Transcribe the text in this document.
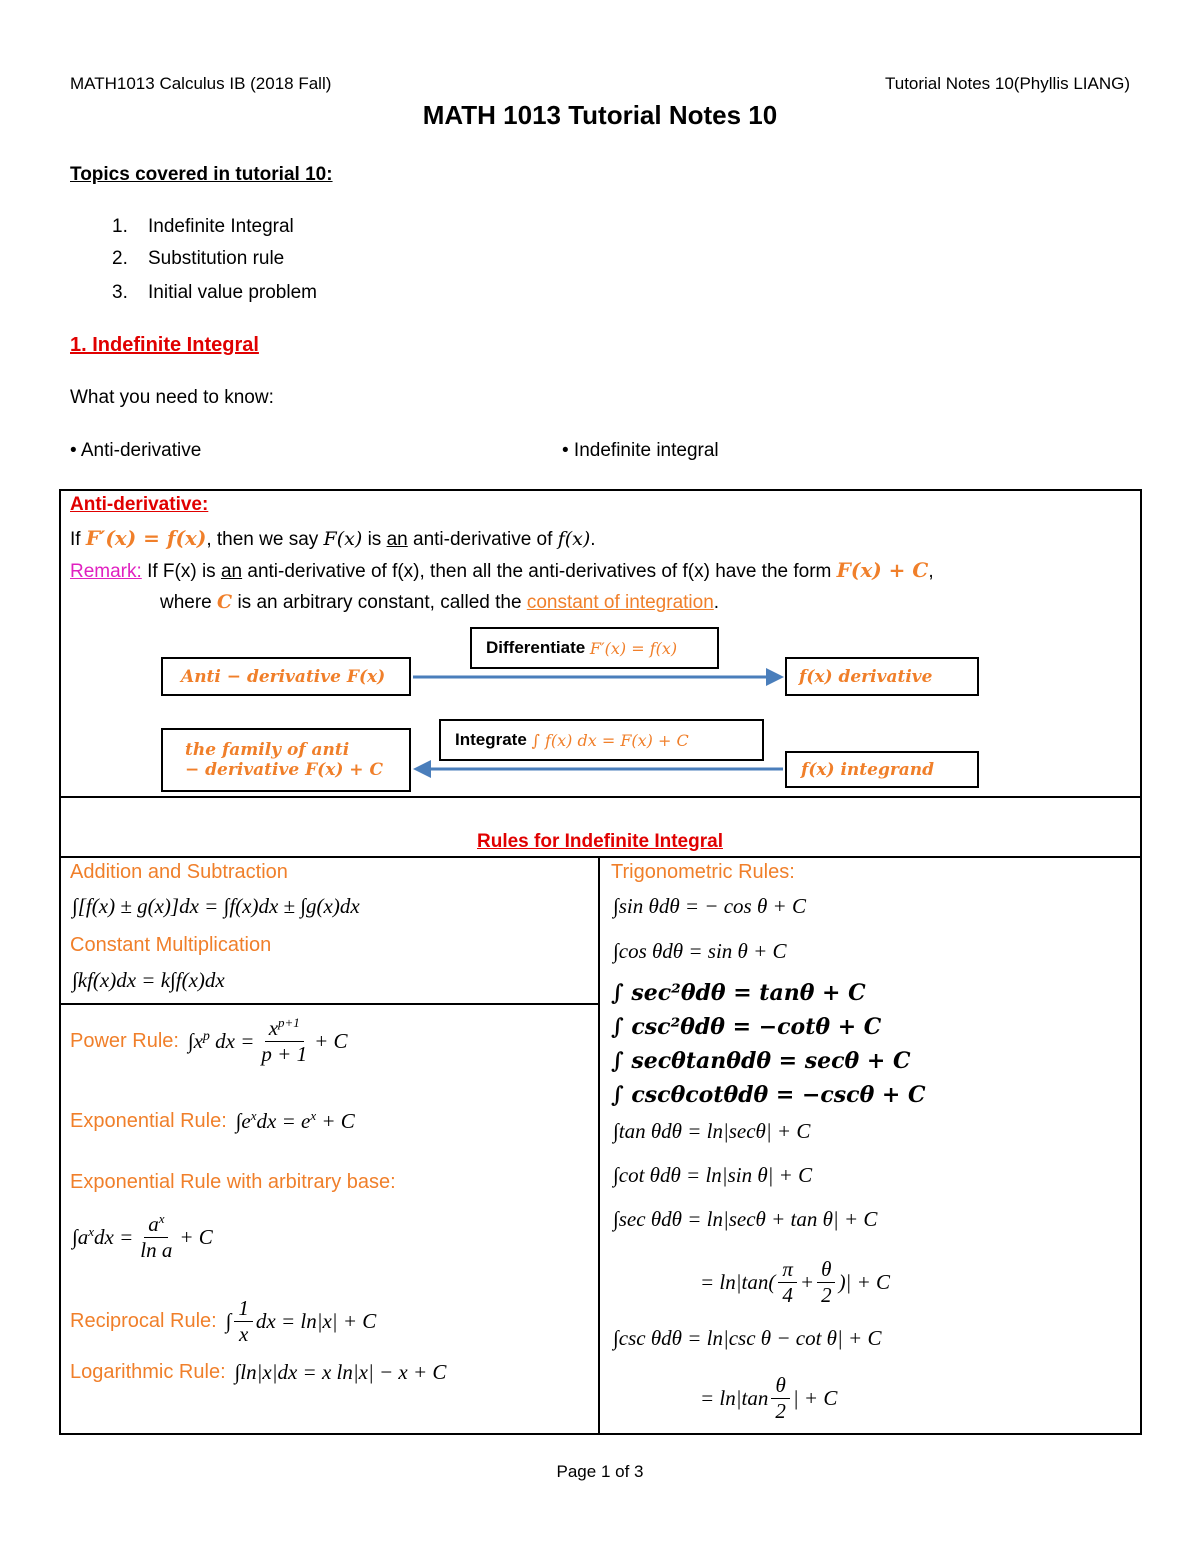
MATH1013 Calculus IB (2018 Fall)	Tutorial Notes 10(Phyllis LIANG)
MATH 1013 Tutorial Notes 10
Topics covered in tutorial 10:
1. Indefinite Integral
2. Substitution rule
3. Initial value problem
1. Indefinite Integral
What you need to know:
• Anti-derivative	• Indefinite integral
Anti-derivative:
If F′(x) = f(x), then we say F(x) is an anti-derivative of f(x).
Remark: If F(x) is an anti-derivative of f(x), then all the anti-derivatives of f(x) have the form F(x) + C,
where C is an arbitrary constant, called the constant of integration.
Differentiate
F′(x) = f(x)
Anti − derivative F(x)	f(x) derivative
Integrate
∫ f(x) dx = F(x) + C
the family of anti
− derivative F(x) + C	f(x) integrand
Rules for Indefinite Integral
Addition and Subtraction
∫[f(x) ± g(x)]dx = ∫f(x)dx ± ∫g(x)dx
Constant Multiplication
∫kf(x)dx = k∫f(x)dx
Power Rule:
$\int x^p$ dx = $\frac{x^{p+1}}{p + 1} + C$
Exponential Rule:
$\int e^xdx = e^x + C$
Exponential Rule with arbitrary base:
$\int a^xdx = \frac{a^x}{\text{ln a}} + C$
Reciprocal Rule:
∫ $\frac{1}{x}$ dx = ln|x| + C
Logarithmic Rule:
∫ln|x|dx = x ln|x| − x + C
Trigonometric Rules:
∫sin θdθ = − cos θ + C
∫cos θdθ = sin θ + C
∫ sec²θdθ = tanθ + C
∫ csc²θdθ = −cotθ + C
∫ secθtanθdθ = secθ + C
∫ cscθcotθdθ = −cscθ + C
∫tan θdθ = ln|secθ| + C
∫cot θdθ = ln|sin θ| + C
∫sec θdθ = ln|secθ + tan θ| + C
= $\ln|\tan( \frac{\pi}{4} + \frac{\theta}{2}$ )| + C
∫csc θdθ = ln|csc θ − cot θ| + C
= $\ln|\tan \frac{\theta}{2}$ | + C
Page 1 of 3
